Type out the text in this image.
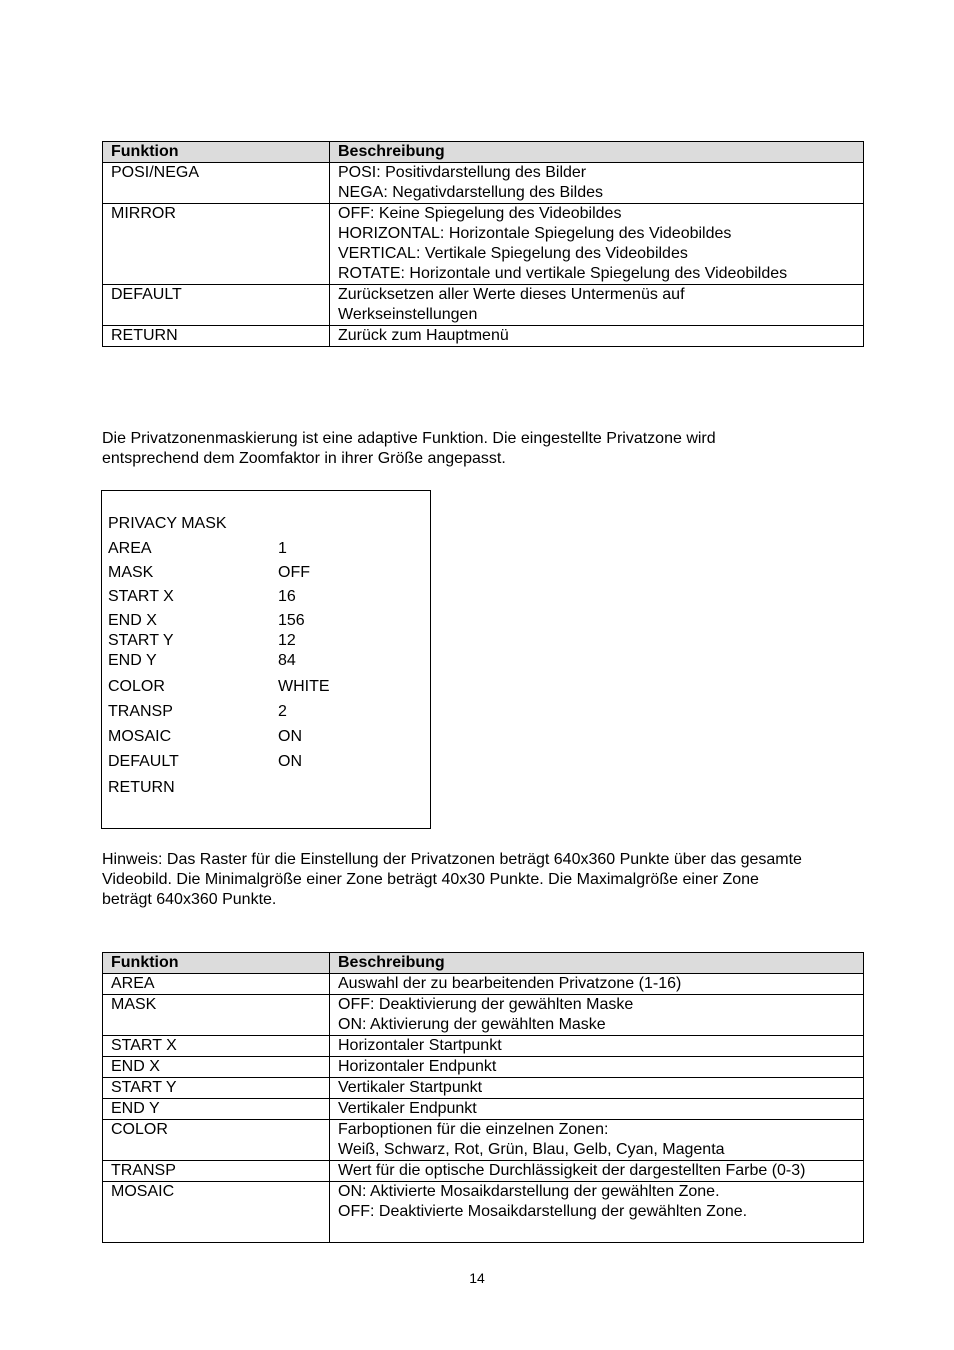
Funktion	Beschreibung
POSI/NEGA	POSI: Positivdarstellung des Bilder
NEGA: Negativdarstellung des Bildes

MIRROR	OFF: Keine Spiegelung des Videobildes
HORIZONTAL: Horizontale Spiegelung des Videobildes
VERTICAL: Vertikale Spiegelung des Videobildes
ROTATE: Horizontale und vertikale Spiegelung des Videobildes

DEFAULT	Zurücksetzen aller Werte dieses Untermenüs auf
Werkseinstellungen

RETURN	Zurück zum Hauptmenü

Die Privatzonenmaskierung ist eine adaptive Funktion. Die eingestellte Privatzone wird
entsprechend dem Zoomfaktor in ihrer Größe angepasst.

PRIVACY MASK
AREA	1
MASK	OFF
START X	16
END X	156
START Y	12
END Y	84
COLOR	WHITE
TRANSP	2
MOSAIC	ON
DEFAULT	ON
RETURN

Hinweis: Das Raster für die Einstellung der Privatzonen beträgt 640x360 Punkte über das gesamte
Videobild. Die Minimalgröße einer Zone beträgt 40x30 Punkte. Die Maximalgröße einer Zone
beträgt 640x360 Punkte.

Funktion	Beschreibung
AREA	Auswahl der zu bearbeitenden Privatzone (1-16)

MASK	OFF: Deaktivierung der gewählten Maske
ON: Aktivierung der gewählten Maske

START X	Horizontaler Startpunkt

END X	Horizontaler Endpunkt

START Y	Vertikaler Startpunkt

END Y	Vertikaler Endpunkt

COLOR	Farboptionen für die einzelnen Zonen:
Weiß, Schwarz, Rot, Grün, Blau, Gelb, Cyan, Magenta

TRANSP	Wert für die optische Durchlässigkeit der dargestellten Farbe (0-3)

MOSAIC	ON: Aktivierte Mosaikdarstellung der gewählten Zone.
OFF: Deaktivierte Mosaikdarstellung der gewählten Zone.
14
